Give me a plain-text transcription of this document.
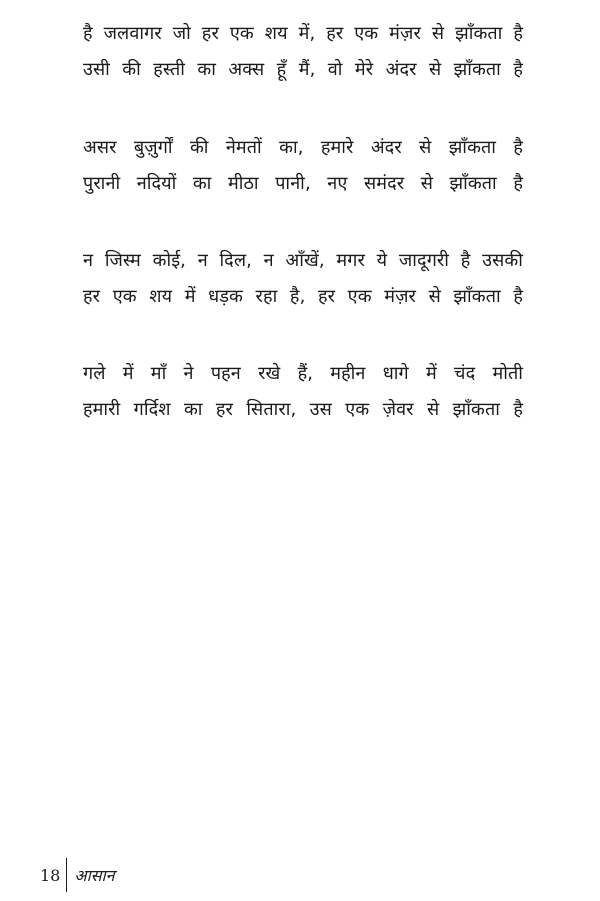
है जलवागर जो हर एक शय में, हर एक मंज़र से झाँकता है
उसी की हस्ती का अक्स हूँ मैं, वो मेरे अंदर से झाँकता है
असर बुज़ुर्गों की नेमतों का, हमारे अंदर से झाँकता है
पुरानी नदियों का मीठा पानी, नए समंदर से झाँकता है
न जिस्म कोई, न दिल, न आँखें, मगर ये जादूगरी है उसकी
हर एक शय में धड़क रहा है, हर एक मंज़र से झाँकता है
गले में माँ ने पहन रखे हैं, महीन धागे में चंद मोती
हमारी गर्दिश का हर सितारा, उस एक ज़ेवर से झाँकता है
18 आसान
